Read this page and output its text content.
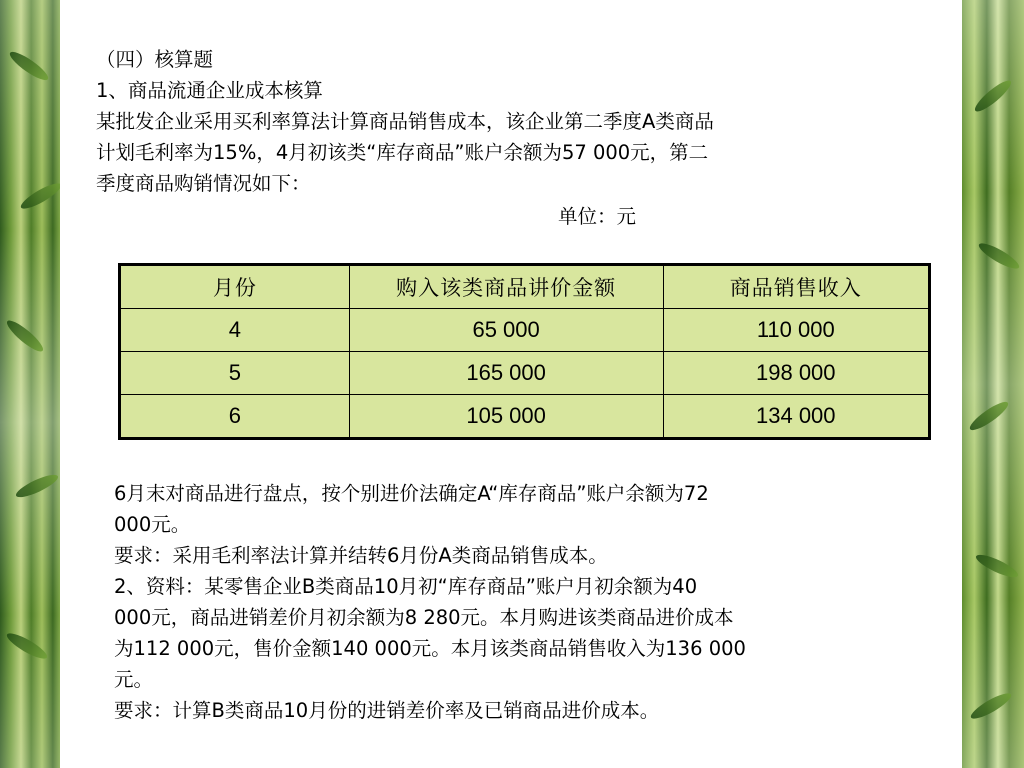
（四）核算题
1、商品流通企业成本核算
某批发企业采用买利率算法计算商品销售成本，该企业第二季度A类商品
计划毛利率为15%，4月初该类“库存商品”账户余额为57 000元，第二
季度商品购销情况如下：
单位：元
月份	购入该类商品讲价金额	商品销售收入
4	65 000	110 000
5	165 000	198 000
6	105 000	134 000

6月末对商品进行盘点，按个别进价法确定A“库存商品”账户余额为72

000元。

要求：采用毛利率法计算并结转6月份A类商品销售成本。

2、资料：某零售企业B类商品10月初“库存商品”账户月初余额为40

000元，商品进销差价月初余额为8 280元。本月购进该类商品进价成本

为112 000元，售价金额140 000元。本月该类商品销售收入为136 000

元。

要求：计算B类商品10月份的进销差价率及已销商品进价成本。
